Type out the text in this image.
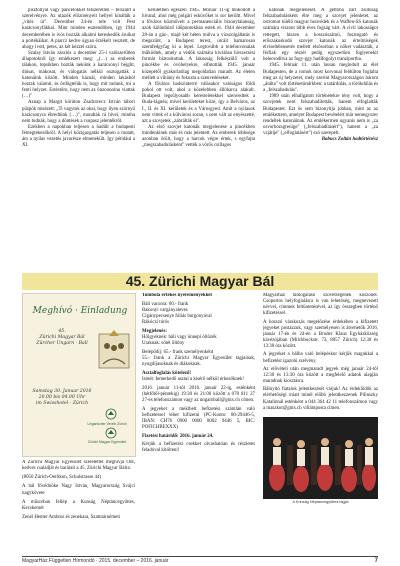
pisztollyal vagy páncélökkel felszerelten – felszállt a szerelvényre. Az utazók előzményeit hellyel kínálták a „vitéz úr". December 24-én tele volt Pest karácsonyfákkal. Mint minden esztendőben, így 1944 decemberében is ivós hozzák alkalmi kereskedők áruikat a portékáikat. A piarcz kedve úgyan érzékelt vesztett, de ahogy ivott, petes, az két kézzel szóra.

Szalay István zászlós a december 25-i valószerűtlen állapotokról így emlékezett meg: „(…) az emberek tálakon, tepsikben hozták nekünk a karácsonyi bejglit, diósat, mákosat, és válogatás nélkül osztogatták a katonáink között. Minden háznál, minden lakásból hoztak valamit, és ördögtelük is, hogy mit tudunk, mi a fenti helyzet. Estéstörn, hogy nem az önzoonolnu viattak (…)"

Aznap a Margit körúton Zsadravecz István tábori püspök misézett: „Ti vagytok az okai, hogy ilyen szörnyű karácsonyra ébredtünk (…)", mondták rá hívei, mintha nem tudnák, hogy a döntések a csupasz jelentékről.

Ezekben a napokban teljesen a hadült a budapesti fémegtekezőkről. A helyi közigazgatás teljesen a mutatt, ám a nyilas vezetés javarésze elmenekült. Igy pétidául a XI.

kerületben egészen 1945. február 11-ig működött a hivatal, ahol még polgári esküvőket is sor kerültt. Mivel a főváros közműveit a permanenciális bizonytalanság, azok különböző időpontokban estek el. 1944 december 28-án a gáz-, majd két héten múlva a vízszolgáltatás is megszűnt, a Budapest terest, utcáit hamarosan szemfedgyfag ki a lepel. Legtovább a telefonvonalak működtek, amely a védők számára kiválóan hírszerzési formát biztosítottak. A lakosság felkészülő volt a pincékbe és óvóhelyekre, elfutották 1945. január közepétől gyakorlatilag megoldatlan maradt. Az életen mellett a víhiány és fokozta a szenvedéseket.

A főváros hadszínterré válásakor valóságos földi pokol ott volt, ahol a közelebben állóbarca alakult. Budapest legsúlyosabb keresteletekkel szenvedtek a Buda-lágnéa; mivel kerületeket közé, így a Belváros, az I., II. és XI. kerületek és a Városgyed. Amit a nyilasok nem vittek el a külvárosi soran, s nem vált az enyészetté, azt a szovjetek „zabrálták el".

Az első szovjet katonák megjelenése a pincékben mindenkinek más és más jelentett. Az emberek többsége azonban örült, hogy a harcok végre értek, s egyfajta „megszabadulásként" vették a vörös csillagos

katonák megjelenését. A gettóba zárt zsidóság felszabadulásként élte meg a szovjet jelenletet, az ostromot túlélő magyar honvédek és a Waffen-SS katonák számára viszont több éves fogság várt. A civil lakosságot rettegett, hiszen a hosszúszámú, fosztogató és erőszakoskodó szovjet katonák az értelmiségek elviseltélensetés mellett elsősorban a nőket vadászták, a férfiak egy részét pedig egyszerűen foglyenekit belecsodítva az fogy-ggy hadifogolyt tranziportba.

1945. február 11. után lassan megindult az élet Budapesten, de a romok most korvonal feldúlton foglalta meg az új helyzetet, mely szerint Magyarországon három „átálta" volt történetündrkben: a tatárdúlás, a törökdúlás és a „felszabadulás".

1989 után elhallgatott történetekre tény volt, hogy a szovjetek nem felszabadították, hanem elfoglalták Budapestet. Ezt ös sem bizonyítja jobban, mint az az emlékeztem, amelyet Budapest bevételért már nemegyszer rendeltek katonáinak. Az emlékermen ugyanis nem is „za osvorbozsgrenige" („felszabadításért"), hanem a „za vzjátije" („elfoglalásért") szó szerepelt.

Babucs Zoltán hadtörténész

45. Zürichi Magyar Bál
Meghívó · Einladung
45.
Zürichi Magyar Bál
Zürcher Ungarn - Ball
Samstag 30. Januar 2016
20.00 bis 04.00 Uhr
im Swisshotel - Zürich
Ungarischer Verein Zürich
Zürichi Magyar Egyesület

A Zürichi Magyar Egyesület szeretettel meghívja Önt, kedves családját és barátait a 45. Zürichi Magyar Bálra.

(8050 Zürich-Oerlikon, Schulstrasse 44)

A bál fővédnöke Nagy István, Magyarország Svájci nagykövete

A műsorban fellép a Kunság Néptáncegyüttes, Kecskemét

Zenél Henter Ambrus és zenekara, Szatmárnémeti

Tombola értékes nyereményekkel

Báli vacsora: 60.- frank

Bakonyi vargányaleves

Cigánypecsenye fóliás burgonyával

Rákóczi túrós

Megjelenés:

Hölgyeknek: báli vagy ünnepi öltözék

Uraknak: sötét öltöny

Belépődíj: 65.- frank személyenként

55.- frank a Zürichi Magyar Egyesület tagjainak, nyugdíjasoknak és diákoknak.

Asztalfoglalás kötelező!

Ismét: Iemerkedő asztal a kisérő nélkül érkezőknek!

2016. január 11-től 2016. január 22-ig, esténként (hétfőtől-péntekig) 19:30 és 21:00 között a 078 811 27 27-es telefonszámon vagy az ungarnball@gmx.ch címen.

A jegyeket a meklhelt befizetési számlán való befizetéssel lehet kifizetni (PC-Konto: 80-29446-5, IBAN: CH76 0900 0000 8002 9446 5, BIC: POFICHBEXXX)

Fizetési határidő: 2016. január 24.

Kérjük a befizetési csekket olvashatóan és részletes feladóval kitölteni!

Magyarház támogatású szövetségének köszönet. Csoportos helyfoglalásra is van lehetőség, megnevezett névvel, címmek feltüntetésével, az így összegben történő kifizetéssel.

A hosszú várakozás megelőzése érdekében a kifizetett jegyeket postázzuk, vagy személyesen is átvehetők 2016. január 17-én és 24-én a Bruder Klaus Egyházközség kávézójában (Milchbuckstr. 73, 8057 Zürich) 12:30 és 13:30 óra között.

A jegyeket a bálba való belépéskor kérjük magukkal a befizetést igazoló szelvény.

Az elővételi után megmaradt jegyek még január 24-től 12:30 és 13:30 óra között a megfelelő adatok alapján maradnak kiosztásra.

Bálnyitó fiatalok jelentkezését várjuk! Az érdeklődők az elérhetőségi miatt minél előbb jelentkezzenek Pilinszky Katalinnál esténként a 044 364 42 11 telefonszámon vagy a maszkot@gmx.ch villámposta címen.

A Kunság Néptáncegyüttes tagjai
MagyarHáz Független Hírmondó · 2015. december – 2016. január	7
